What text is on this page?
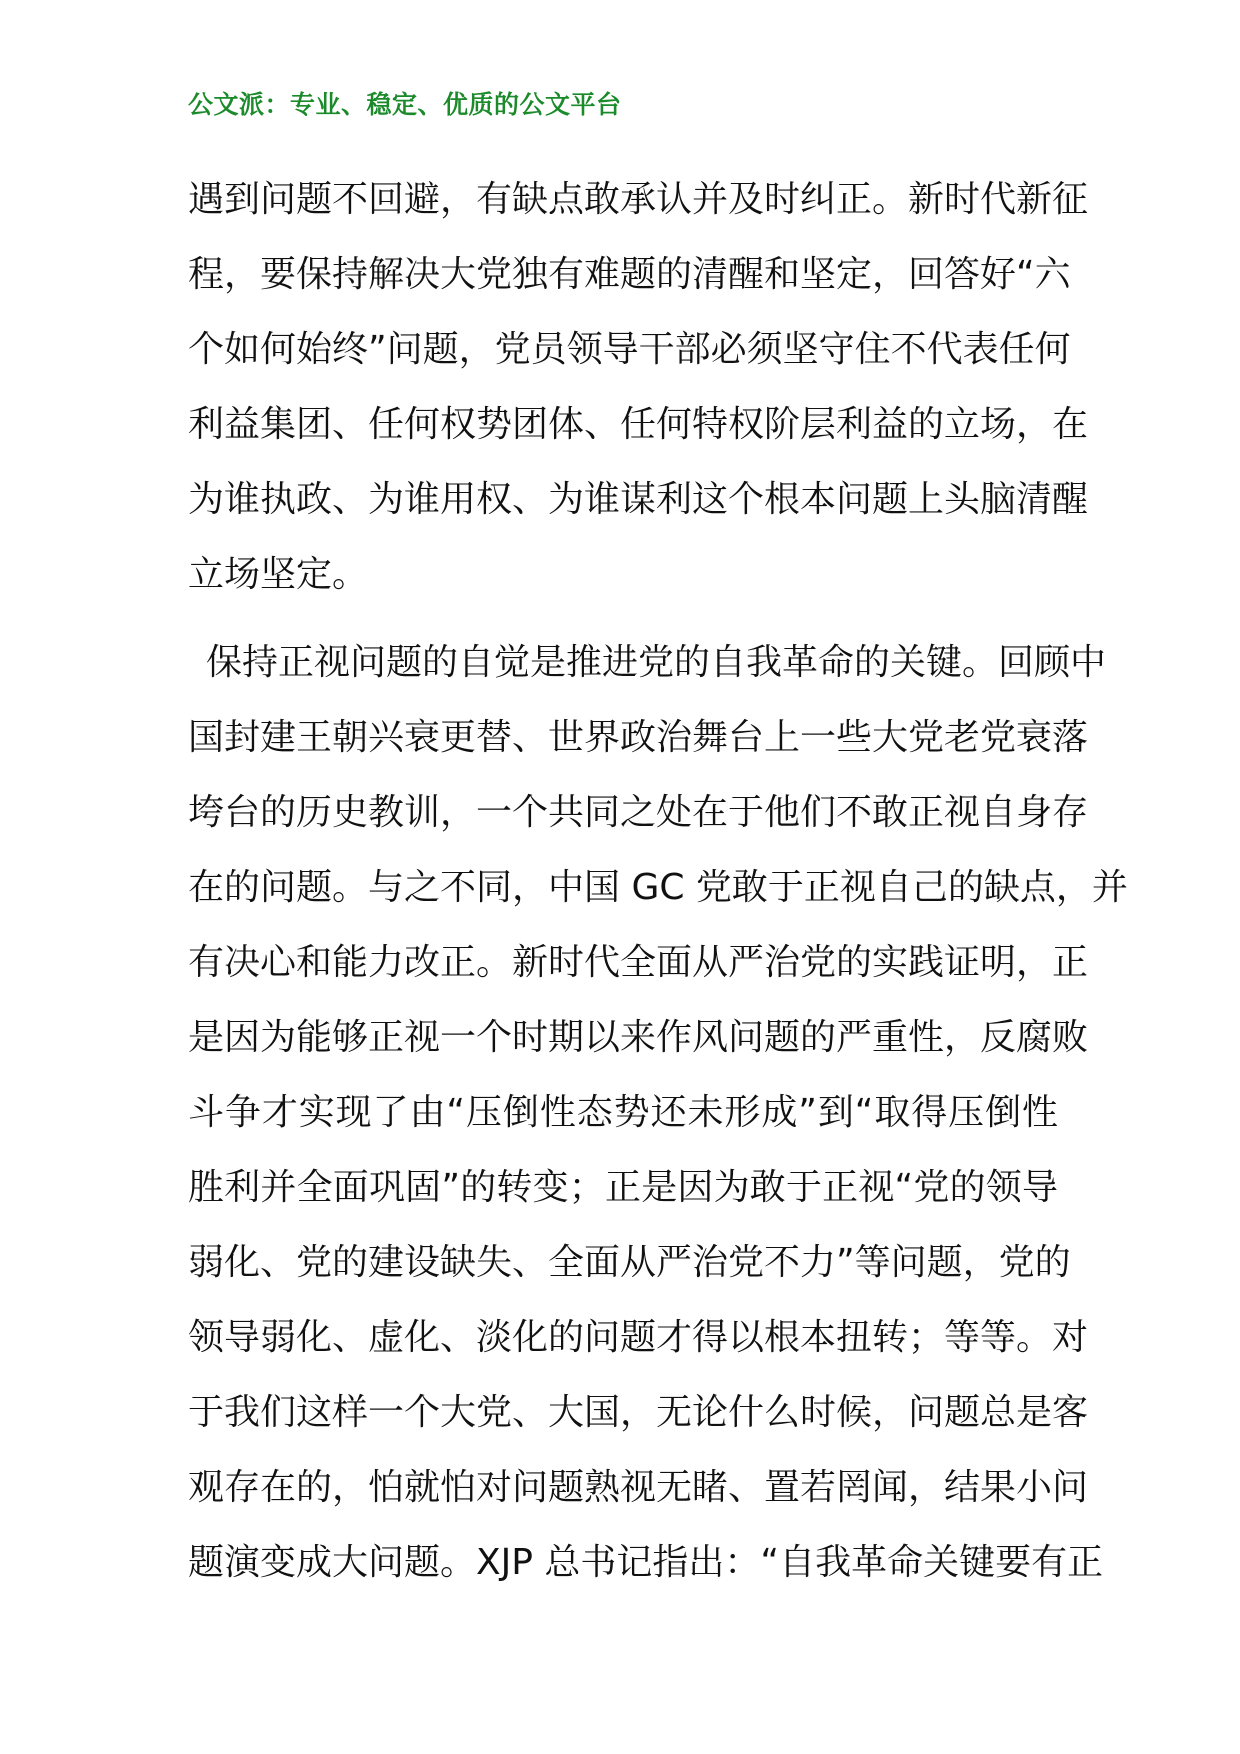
公文派：专业、稳定、优质的公文平台
遇到问题不回避，有缺点敢承认并及时纠正。新时代新征
程，要保持解决大党独有难题的清醒和坚定，回答好“六
个如何始终”问题，党员领导干部必须坚守住不代表任何
利益集团、任何权势团体、任何特权阶层利益的立场，在
为谁执政、为谁用权、为谁谋利这个根本问题上头脑清醒
立场坚定。
保持正视问题的自觉是推进党的自我革命的关键。回顾中
国封建王朝兴衰更替、世界政治舞台上一些大党老党衰落
垮台的历史教训，一个共同之处在于他们不敢正视自身存
在的问题。与之不同，中国 GC 党敢于正视自己的缺点，并
有决心和能力改正。新时代全面从严治党的实践证明，正
是因为能够正视一个时期以来作风问题的严重性，反腐败
斗争才实现了由“压倒性态势还未形成”到“取得压倒性
胜利并全面巩固”的转变；正是因为敢于正视“党的领导
弱化、党的建设缺失、全面从严治党不力”等问题，党的
领导弱化、虚化、淡化的问题才得以根本扭转；等等。对
于我们这样一个大党、大国，无论什么时候，问题总是客
观存在的，怕就怕对问题熟视无睹、置若罔闻，结果小问
题演变成大问题。XJP 总书记指出：“自我革命关键要有正
